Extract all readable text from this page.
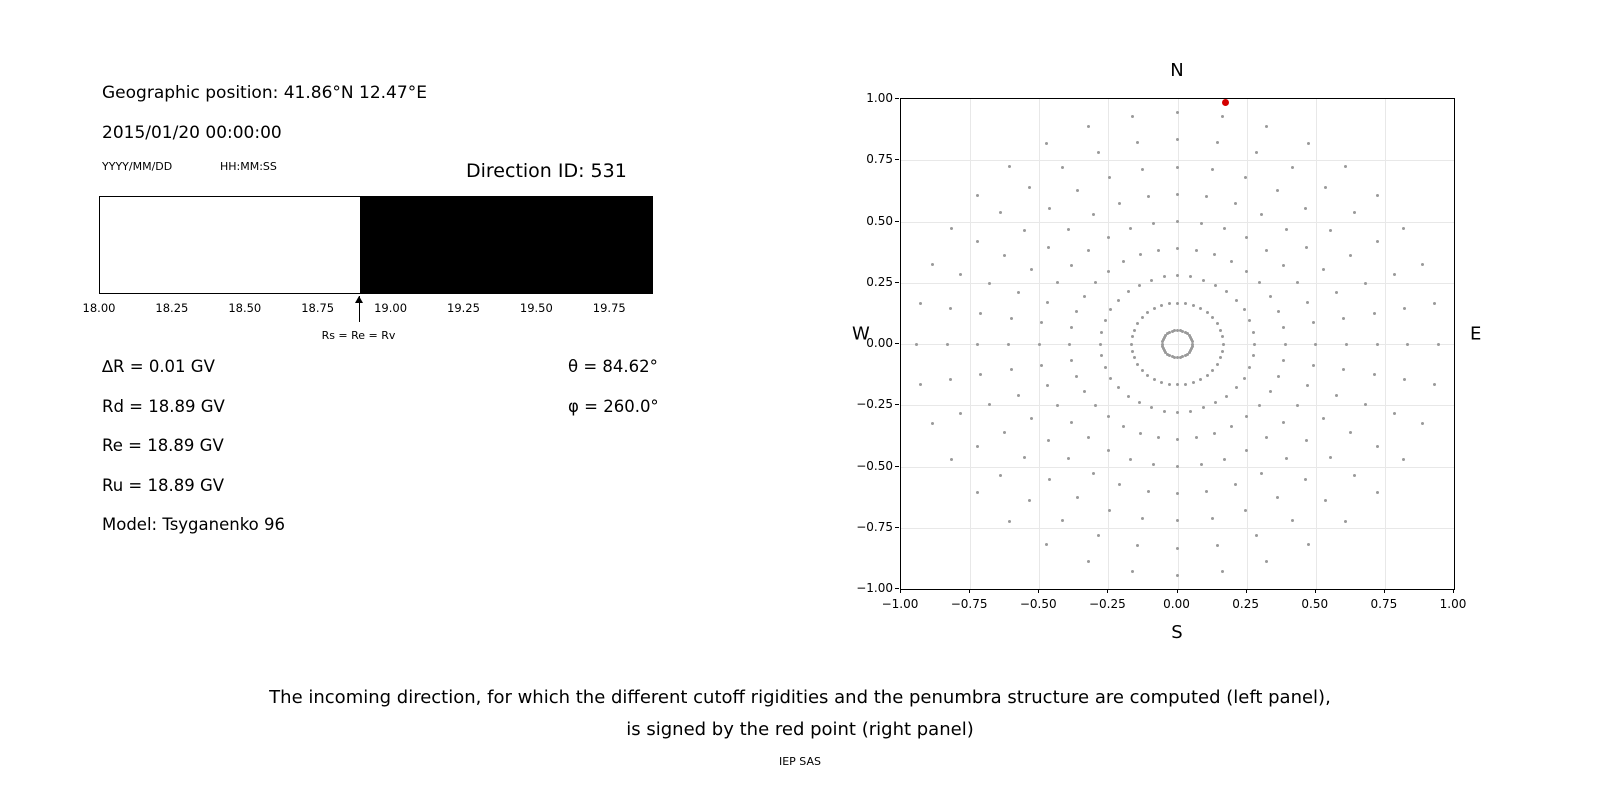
Geographic position: 41.86°N 12.47°E
2015/01/20 00:00:00
YYYY/MM/DD	HH:MM:SS	Direction ID: 531
18.00	18.25	18.50	18.75	19.00	19.25	19.50	19.75
Rs = Re = Rv
∆R = 0.01 GV
Rd = 18.89 GV
Re = 18.89 GV
Ru = 18.89 GV
Model: Tsyganenko 96
θ = 84.62°
φ = 260.0°
N
S
W	E
−1.00	−0.75	−0.50	−0.25	0.00	0.25	0.50	0.75	1.00
−1.00
−0.75
−0.50
−0.25
0.00
0.25
0.50
0.75
1.00
The incoming direction, for which the different cutoff rigidities and the penumbra structure are computed (left panel),
is signed by the red point (right panel)
IEP SAS
